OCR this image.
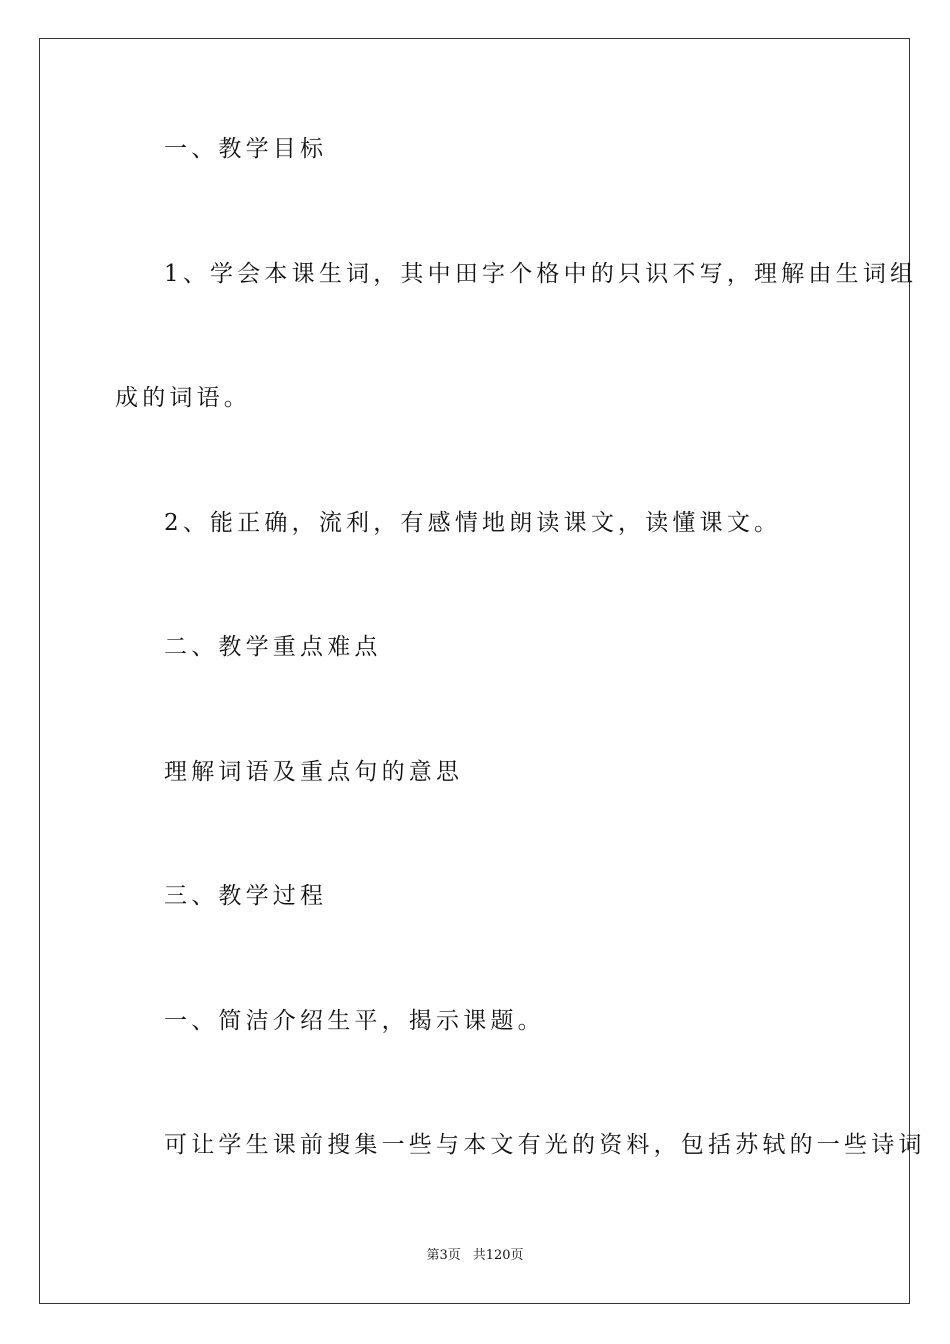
一、教学目标

1、学会本课生词，其中田字个格中的只识不写，理解由生词组

成的词语。

2、能正确，流利，有感情地朗读课文，读懂课文。

二、教学重点难点

理解词语及重点句的意思

三、教学过程

一、简洁介绍生平，揭示课题。

可让学生课前搜集一些与本文有光的资料，包括苏轼的一些诗词

第3页 共120页
